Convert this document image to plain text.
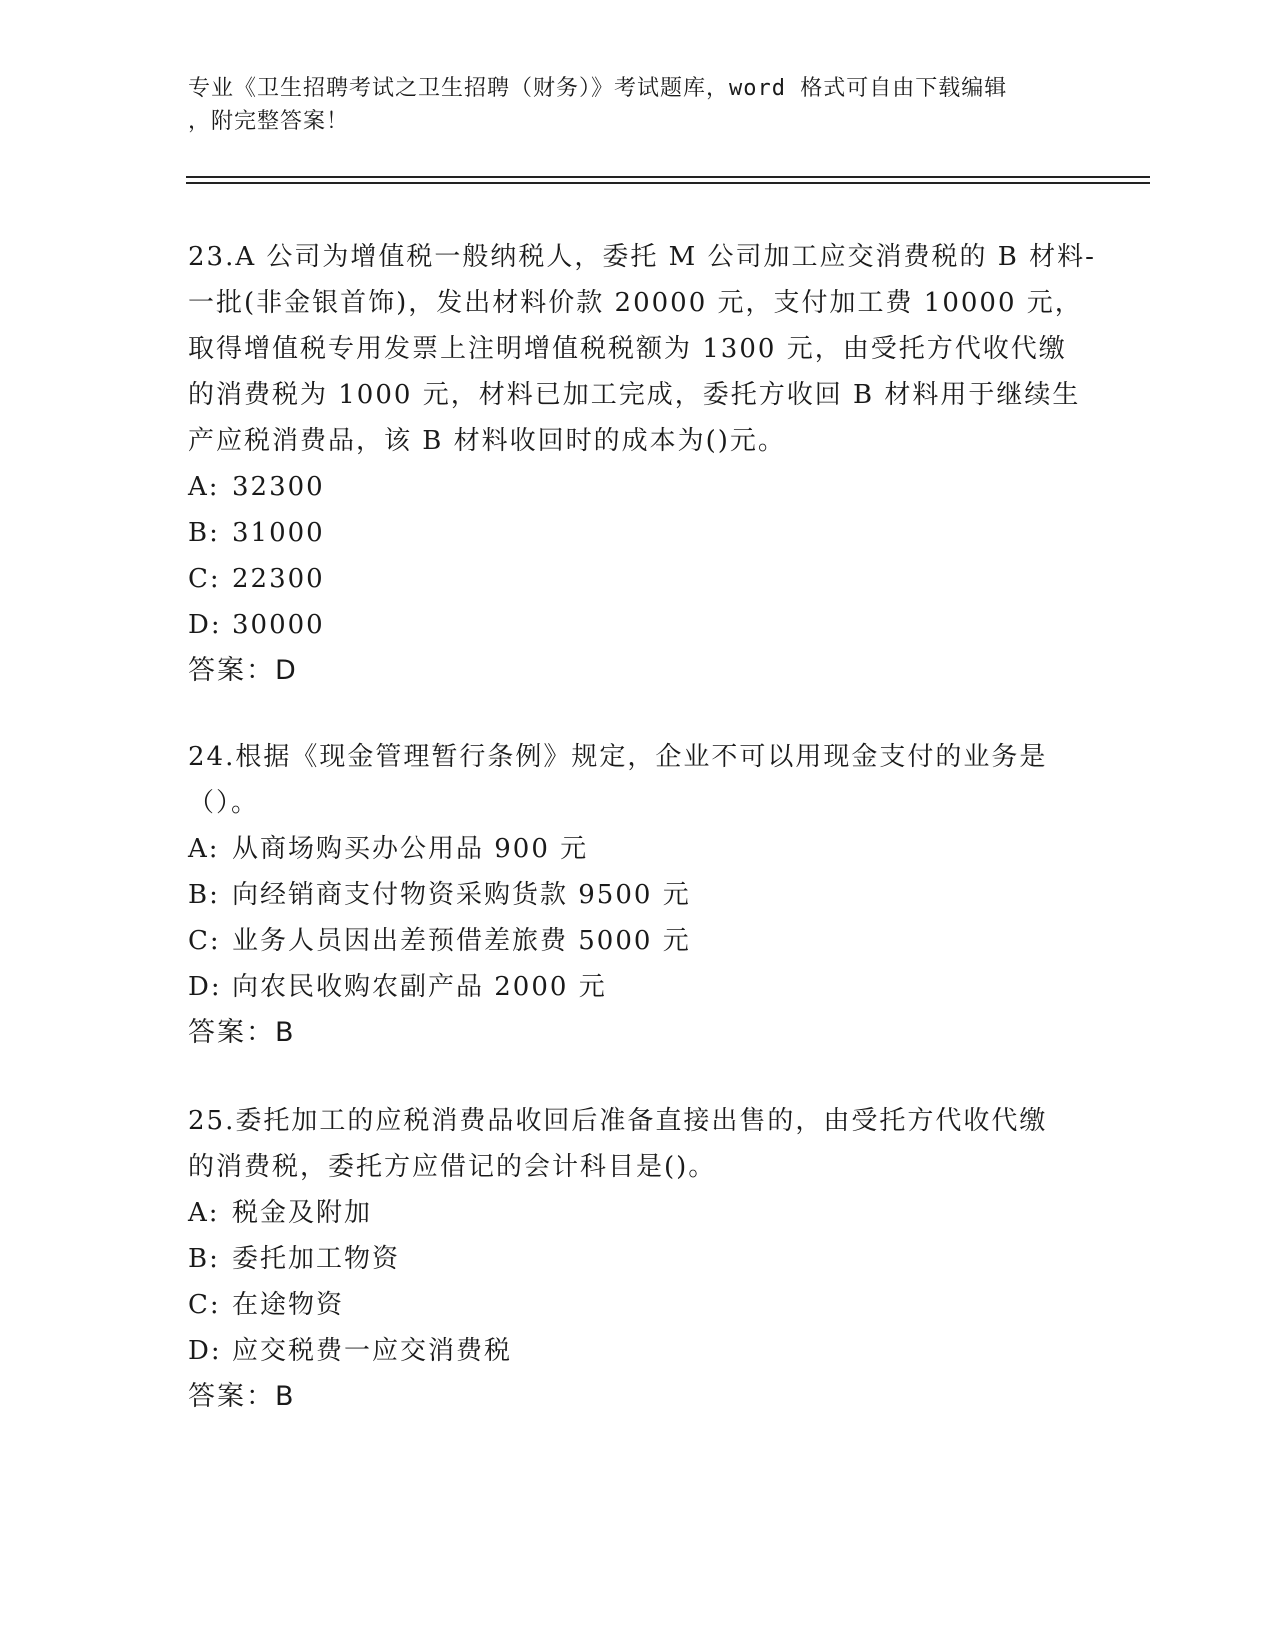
专业《卫生招聘考试之卫生招聘（财务）》考试题库，word 格式可自由下载编辑
，附完整答案！
23.A 公司为增值税一般纳税人，委托 M 公司加工应交消费税的 B 材料-
一批(非金银首饰)，发出材料价款 20000 元，支付加工费 10000 元，
取得增值税专用发票上注明增值税税额为 1300 元，由受托方代收代缴
的消费税为 1000 元，材料已加工完成，委托方收回 B 材料用于继续生
产应税消费品，该 B 材料收回时的成本为()元。
A: 32300
B: 31000
C: 22300
D: 30000
答案：D
24.根据《现金管理暂行条例》规定，企业不可以用现金支付的业务是
（）。
A: 从商场购买办公用品 900 元
B: 向经销商支付物资采购货款 9500 元
C: 业务人员因出差预借差旅费 5000 元
D: 向农民收购农副产品 2000 元
答案：B
25.委托加工的应税消费品收回后准备直接出售的，由受托方代收代缴
的消费税，委托方应借记的会计科目是()。
A: 税金及附加
B: 委托加工物资
C: 在途物资
D: 应交税费一应交消费税
答案：B
